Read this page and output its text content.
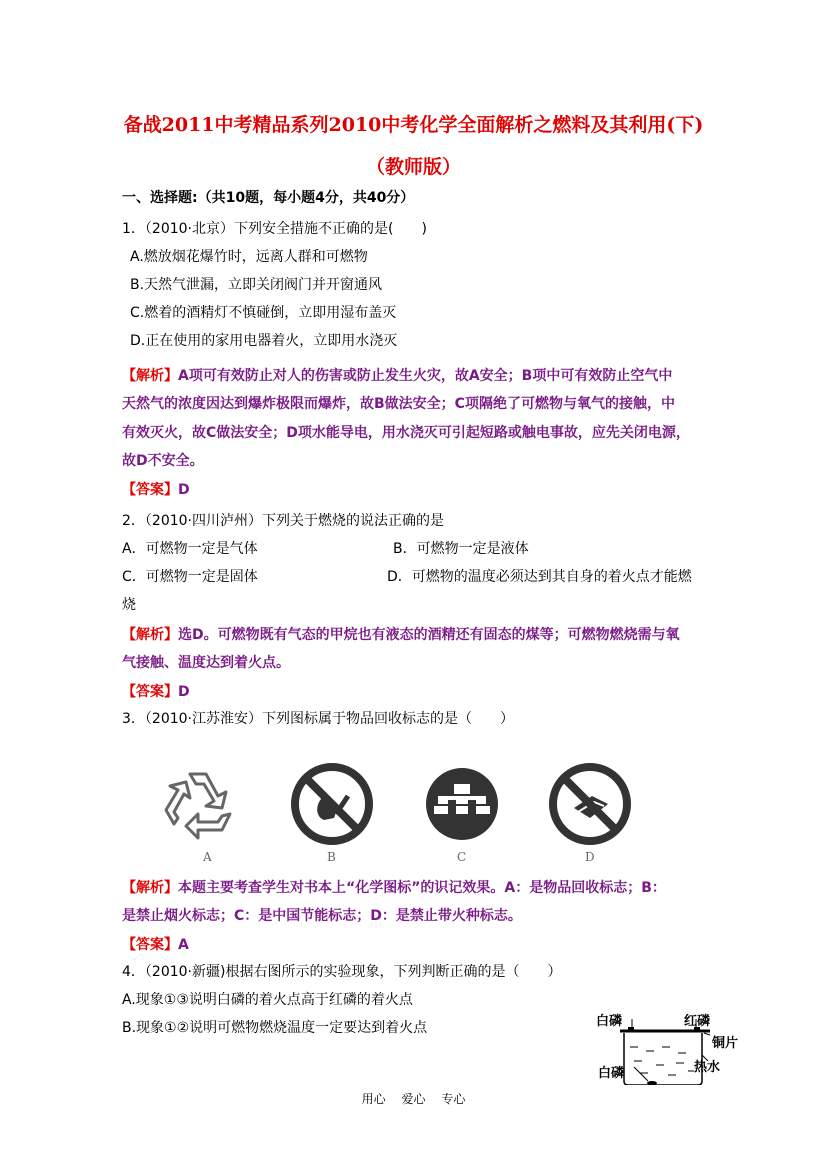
备战2011中考精品系列2010中考化学全面解析之燃料及其利用(下)
（教师版）
一、选择题:（共10题，每小题4分，共40分）
1．（2010·北京）下列安全措施不正确的是(　　)
A.燃放烟花爆竹时，远离人群和可燃物
B.天然气泄漏，立即关闭阀门并开窗通风
C.燃着的酒精灯不慎碰倒，立即用湿布盖灭
D.正在使用的家用电器着火，立即用水浇灭
【解析】A项可有效防止对人的伤害或防止发生火灾，故A安全；B项中可有效防止空气中
天然气的浓度因达到爆炸极限而爆炸，故B做法安全；C项隔绝了可燃物与氧气的接触，中
有效灭火，故C做法安全；D项水能导电，用水浇灭可引起短路或触电事故，应先关闭电源，
故D不安全。
【答案】D
2．（2010·四川泸州）下列关于燃烧的说法正确的是
A．可燃物一定是气体	B．可燃物一定是液体
C．可燃物一定是固体	D．可燃物的温度必须达到其自身的着火点才能燃
烧
【解析】选D。可燃物既有气态的甲烷也有液态的酒精还有固态的煤等；可燃物燃烧需与氧
气接触、温度达到着火点。
【答案】D
3．（2010·江苏淮安）下列图标属于物品回收标志的是（　　）
A	B	C	D
【解析】本题主要考查学生对书本上“化学图标”的识记效果。A：是物品回收标志；B：
是禁止烟火标志；C：是中国节能标志；D：是禁止带火种标志。
【答案】A
4．（2010·新疆)根据右图所示的实验现象，下列判断正确的是（　　）
A.现象①③说明白磷的着火点高于红磷的着火点
B.现象①②说明可燃物燃烧温度一定要达到着火点	白磷	红磷
铜片
白磷	热水
用心 爱心 专心
